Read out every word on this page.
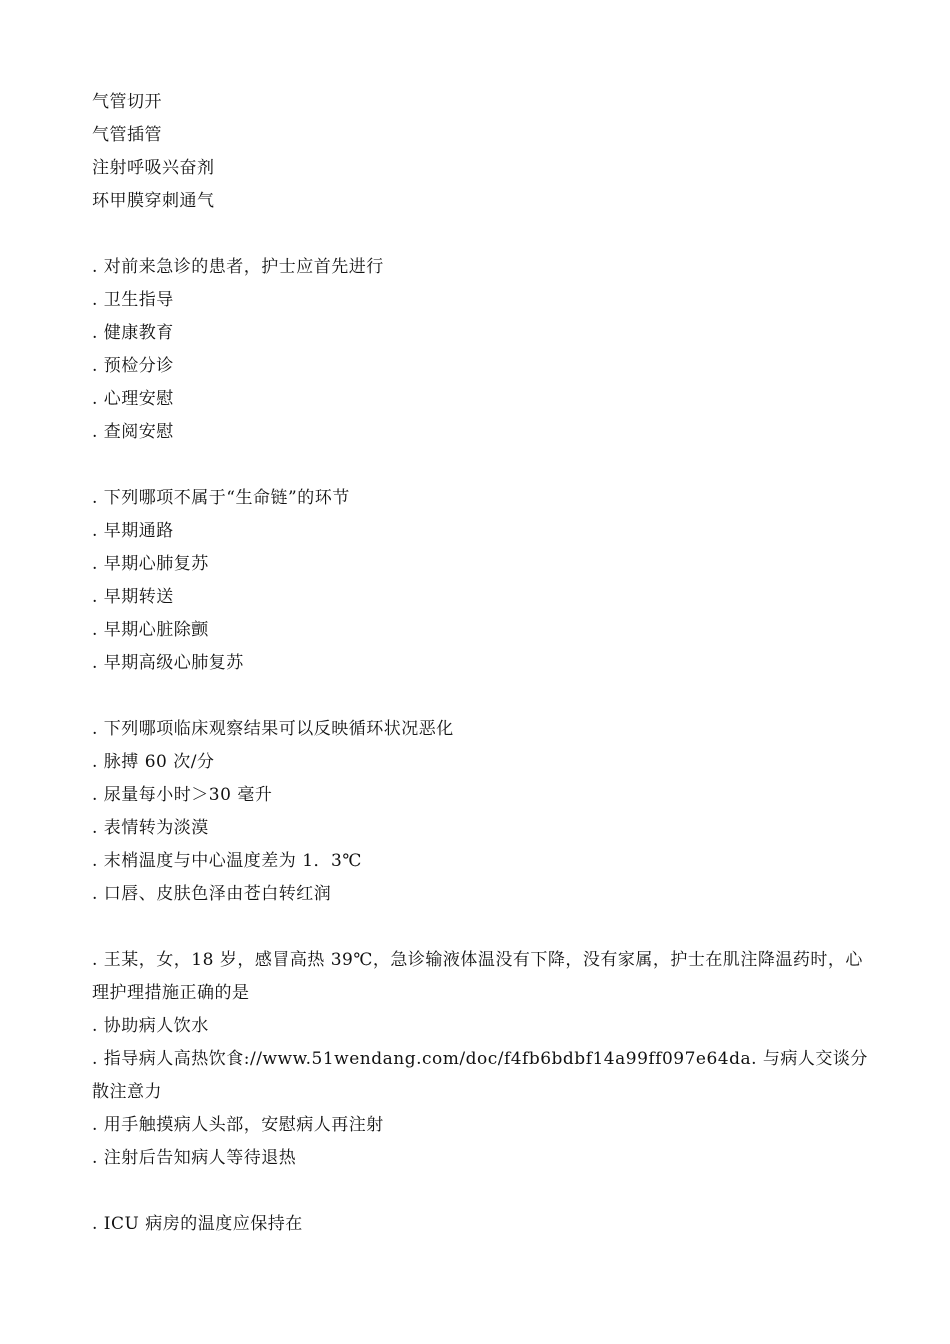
气管切开
气管插管
注射呼吸兴奋剂
环甲膜穿刺通气
. 对前来急诊的患者，护士应首先进行
. 卫生指导
. 健康教育
. 预检分诊
. 心理安慰
. 查阅安慰
. 下列哪项不属于“生命链”的环节
. 早期通路
. 早期心肺复苏
. 早期转送
. 早期心脏除颤
. 早期高级心肺复苏
. 下列哪项临床观察结果可以反映循环状况恶化
. 脉搏 60 次/分
. 尿量每小时＞30 毫升
. 表情转为淡漠
. 末梢温度与中心温度差为 1．3℃
. 口唇、皮肤色泽由苍白转红润
. 王某，女，18 岁，感冒高热 39℃，急诊输液体温没有下降，没有家属，护士在肌注降温药时，心理护理措施正确的是
. 协助病人饮水
. 指导病人高热饮食://www.51wendang.com/doc/f4fb6bdbf14a99ff097e64da. 与病人交谈分散注意力
. 用手触摸病人头部，安慰病人再注射
. 注射后告知病人等待退热
. ICU 病房的温度应保持在
